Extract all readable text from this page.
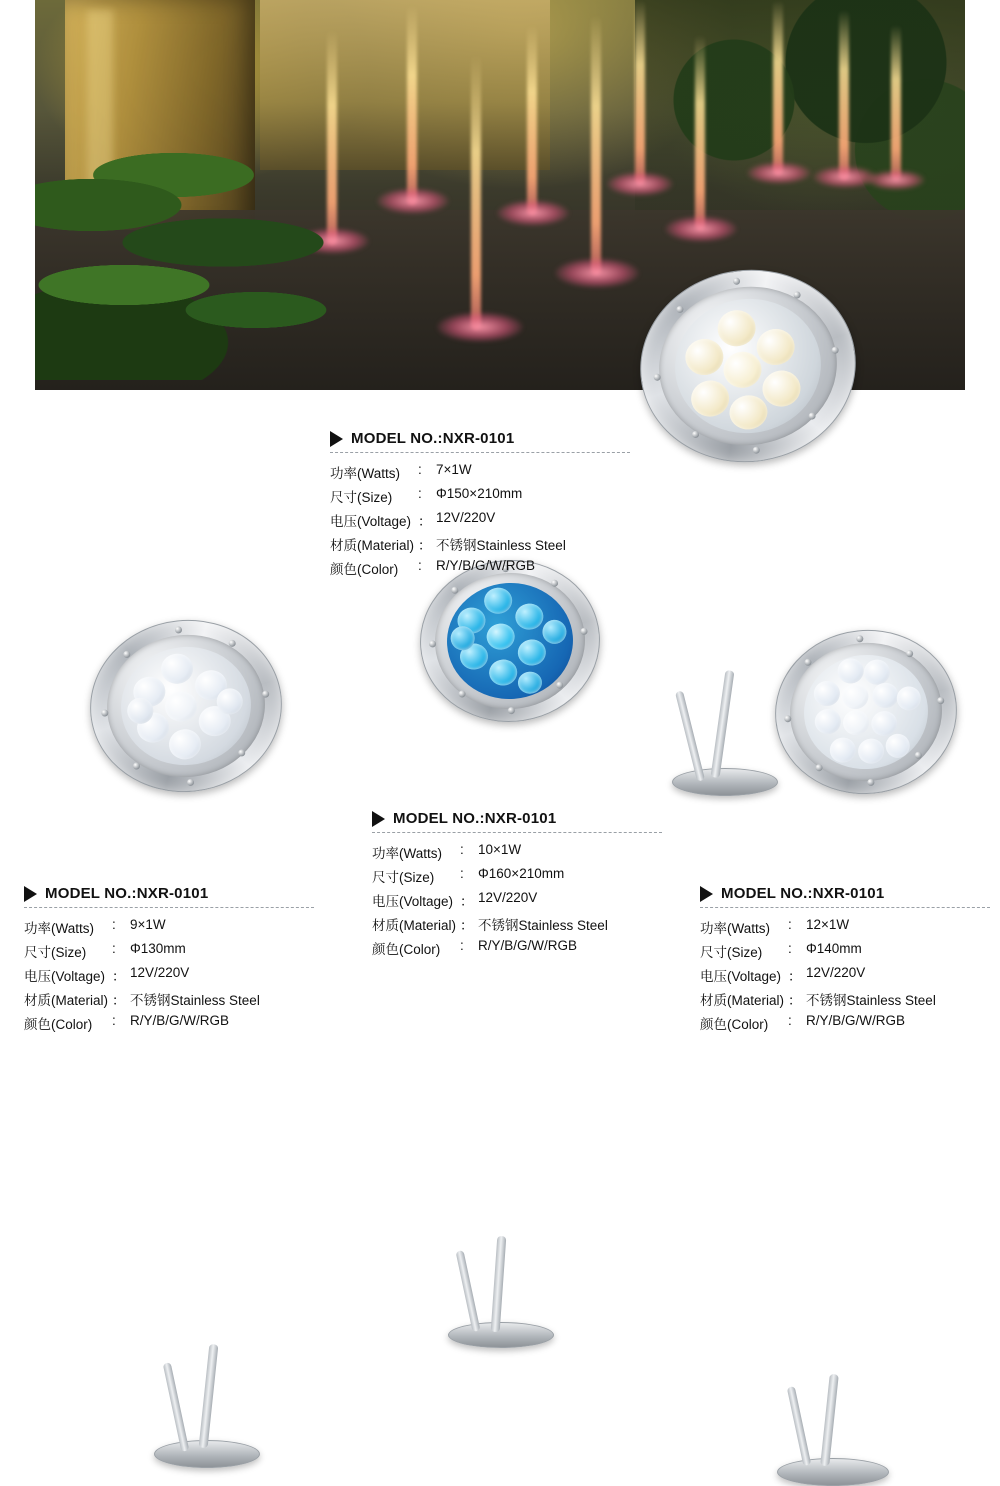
MODEL NO.:NXR-0101
功率(Watts)	:	7×1W
尺寸(Size)	:	Φ150×210mm
电压(Voltage)	：	12V/220V
材质(Material)	：	不锈钢Stainless Steel
颜色(Color)	:	R/Y/B/G/W/RGB
MODEL NO.:NXR-0101
功率(Watts)	:	10×1W
尺寸(Size)	:	Φ160×210mm
电压(Voltage)	：	12V/220V
材质(Material)	：	不锈钢Stainless Steel
颜色(Color)	:	R/Y/B/G/W/RGB
MODEL NO.:NXR-0101
功率(Watts)	:	9×1W
尺寸(Size)	:	Φ130mm
电压(Voltage)	：	12V/220V
材质(Material)	：	不锈钢Stainless Steel
颜色(Color)	:	R/Y/B/G/W/RGB
MODEL NO.:NXR-0101
功率(Watts)	:	12×1W
尺寸(Size)	:	Φ140mm
电压(Voltage)	：	12V/220V
材质(Material)	：	不锈钢Stainless Steel
颜色(Color)	:	R/Y/B/G/W/RGB
